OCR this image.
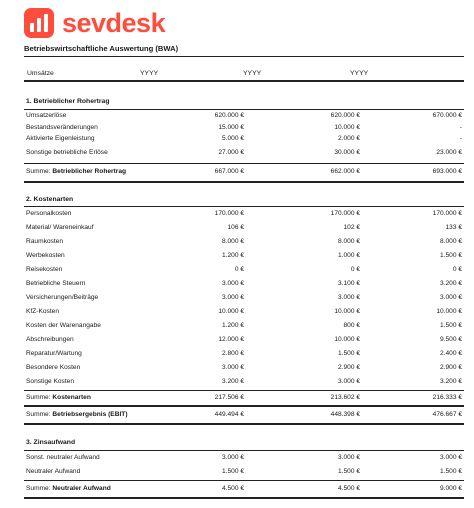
sevdesk
Betriebswirtschaftliche Auswertung (BWA)
Umsätze	YYYY	YYYY	YYYY
1. Betrieblicher Rohertrag
Umsatzerlöse	620.000 €	620.000 €	670.000 €
Bestandsveränderungen	15.000 €	10.000 €	-
Aktivierte Eigenleistung	5.000 €	2.000 €	-
Sonstige betriebliche Erlöse	27.000 €	30.000 €	23.000 €
Summe: Betrieblicher Rohertrag	667.000 €	662.000 €	693.000 €
2. Kostenarten
Personalkosten	170.000 €	170.000 €	170.000 €
Material/ Wareneinkauf	106 €	102 €	133 €
Raumkosten	8.000 €	8.000 €	8.000 €
Werbekosten	1.200 €	1.000 €	1.500 €
Reisekosten	0 €	0 €	0 €
Betriebliche Steuern	3.000 €	3.100 €	3.200 €
Versicherungen/Beiträge	3.000 €	3.000 €	3.000 €
KfZ-Kosten	10.000 €	10.000 €	10.000 €
Kosten der Warenangabe	1.200 €	800 €	1.500 €
Abschreibungen	12.000 €	10.000 €	9.500 €
Reparatur/Wartung	2.800 €	1.500 €	2.400 €
Besondere Kosten	3.000 €	2.900 €	2.900 €
Sonstige Kosten	3.200 €	3.000 €	3.200 €
Summe: Kostenarten	217.506 €	213.602 €	216.333 €
Summe: Betriebsergebnis (EBIT)	449.494 €	448.398 €	476.667 €
3. Zinsaufwand
Sonst. neutraler Aufwand	3.000 €	3.000 €	3.000 €
Neutraler Aufwand	1.500 €	1.500 €	1.500 €
Summe: Neutraler Aufwand	4.500 €	4.500 €	9.000 €
